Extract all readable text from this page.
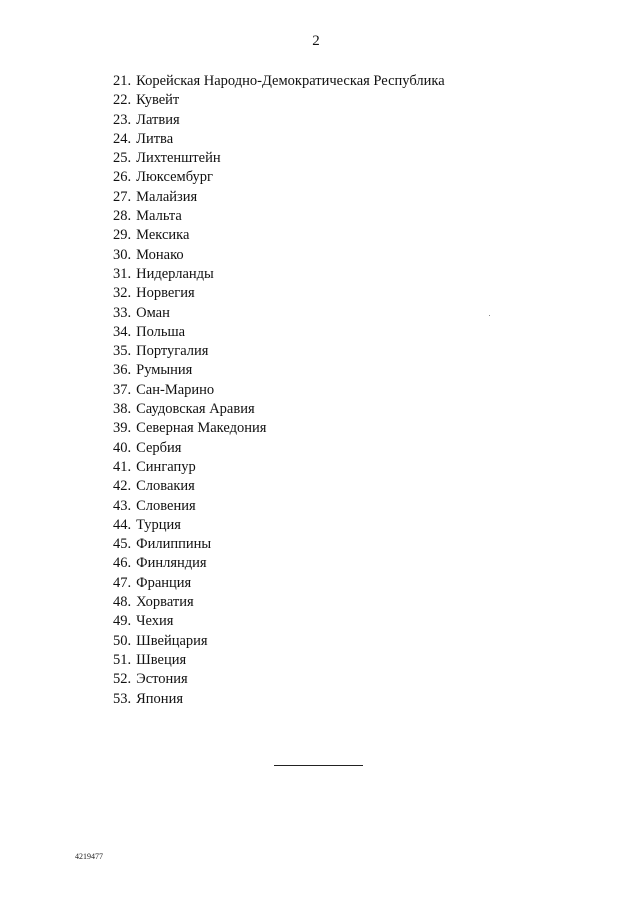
2
21. Корейская Народно-Демократическая Республика
22. Кувейт
23. Латвия
24. Литва
25. Лихтенштейн
26. Люксембург
27. Малайзия
28. Мальта
29. Мексика
30. Монако
31. Нидерланды
32. Норвегия
33. Оман
34. Польша
35. Португалия
36. Румыния
37. Сан-Марино
38. Саудовская Аравия
39. Северная Македония
40. Сербия
41. Сингапур
42. Словакия
43. Словения
44. Турция
45. Филиппины
46. Финляндия
47. Франция
48. Хорватия
49. Чехия
50. Швейцария
51. Швеция
52. Эстония
53. Япония
4219477
